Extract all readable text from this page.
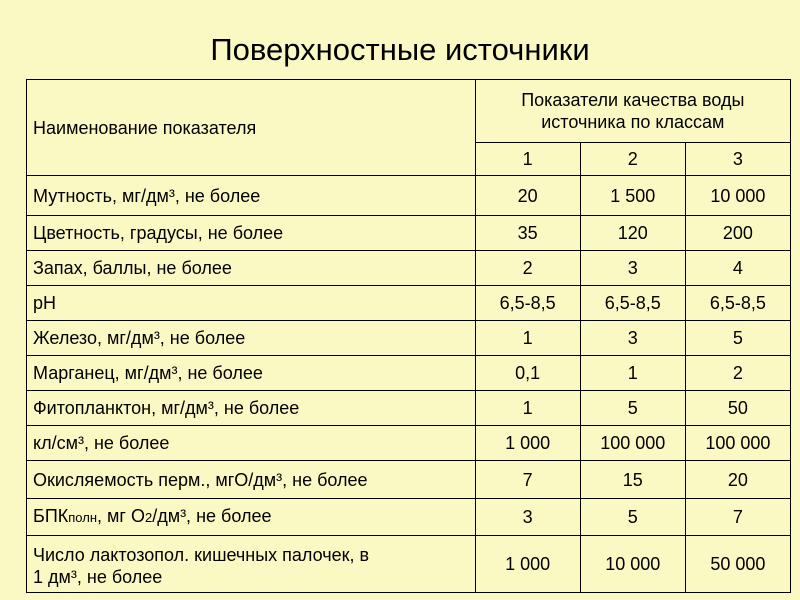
Поверхностные источники
Наименование показателя	Показатели качества воды
источника по классам		
	1	2	3
Мутность, мг/дм³, не более	20	1 500	10 000
Цветность, градусы, не более	35	120	200
Запах, баллы, не более	2	3	4
pH	6,5-8,5	6,5-8,5	6,5-8,5
Железо, мг/дм³, не более	1	3	5
Марганец, мг/дм³, не более	0,1	1	2
Фитопланктон, мг/дм³, не более	1	5	50
кл/см³, не более	1 000	100 000	100 000
Окисляемость перм., мгО/дм³, не более	7	15	20
БПКполн, мг О2/дм³, не более	3	5	7
Число лактозопол. кишечных палочек, в
1 дм³, не более	1 000	10 000	50 000
